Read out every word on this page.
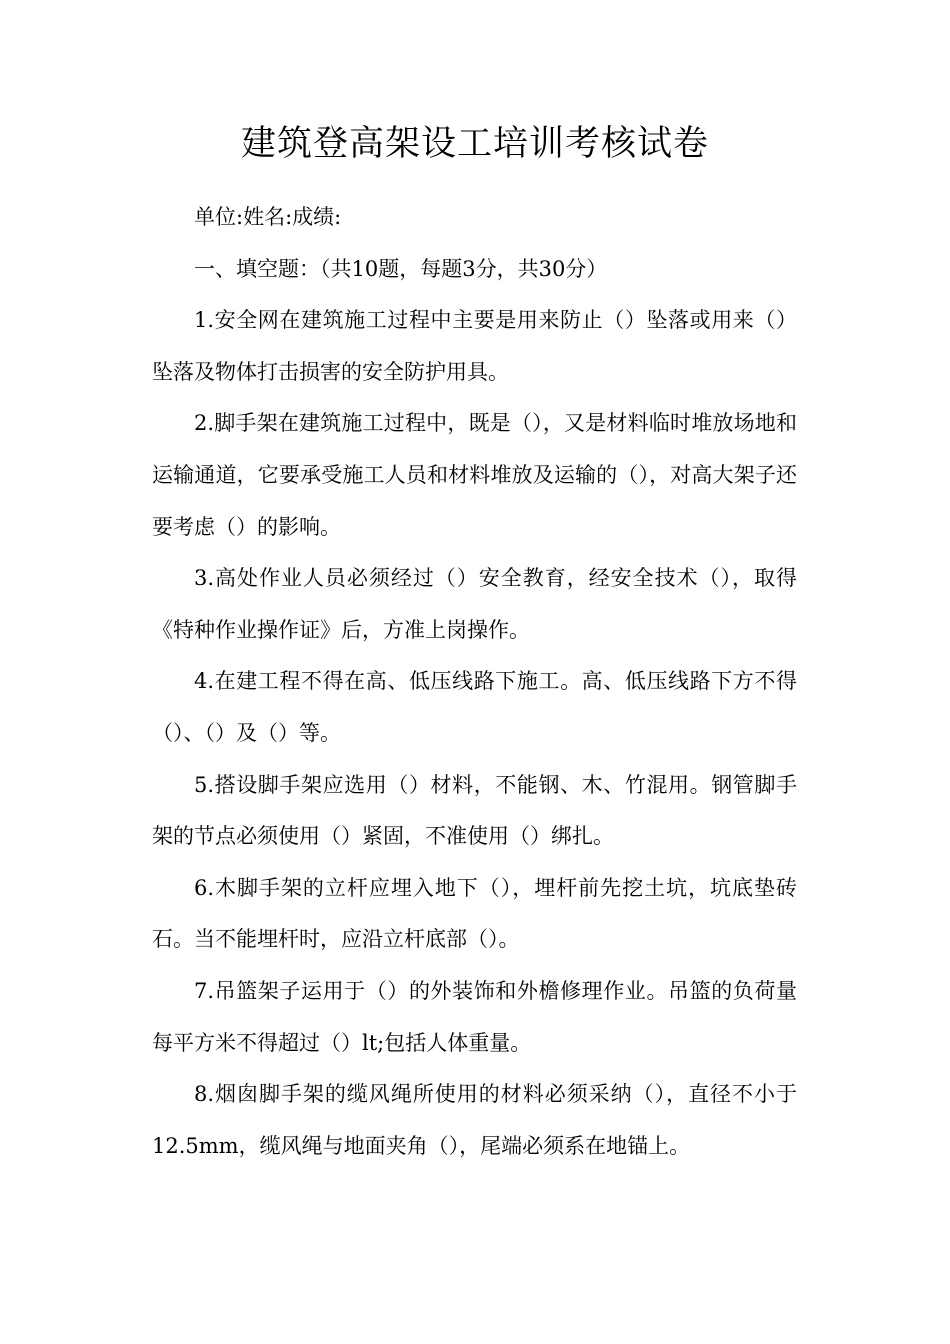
建筑登高架设工培训考核试卷

单位:姓名:成绩:

一、填空题：（共10题，每题3分，共30分）

1.安全网在建筑施工过程中主要是用来防止（）坠落或用来（）坠落及物体打击损害的安全防护用具。

2.脚手架在建筑施工过程中，既是（），又是材料临时堆放场地和运输通道，它要承受施工人员和材料堆放及运输的（），对高大架子还要考虑（）的影响。

3.高处作业人员必须经过（）安全教育，经安全技术（），取得《特种作业操作证》后，方准上岗操作。

4.在建工程不得在高、低压线路下施工。高、低压线路下方不得（）、（）及（）等。

5.搭设脚手架应选用（）材料，不能钢、木、竹混用。钢管脚手架的节点必须使用（）紧固，不准使用（）绑扎。

6.木脚手架的立杆应埋入地下（），埋杆前先挖土坑，坑底垫砖石。当不能埋杆时，应沿立杆底部（）。

7.吊篮架子运用于（）的外装饰和外檐修理作业。吊篮的负荷量每平方米不得超过（）lt;包括人体重量。

8.烟囱脚手架的缆风绳所使用的材料必须采纳（），直径不小于12.5mm，缆风绳与地面夹角（），尾端必须系在地锚上。
